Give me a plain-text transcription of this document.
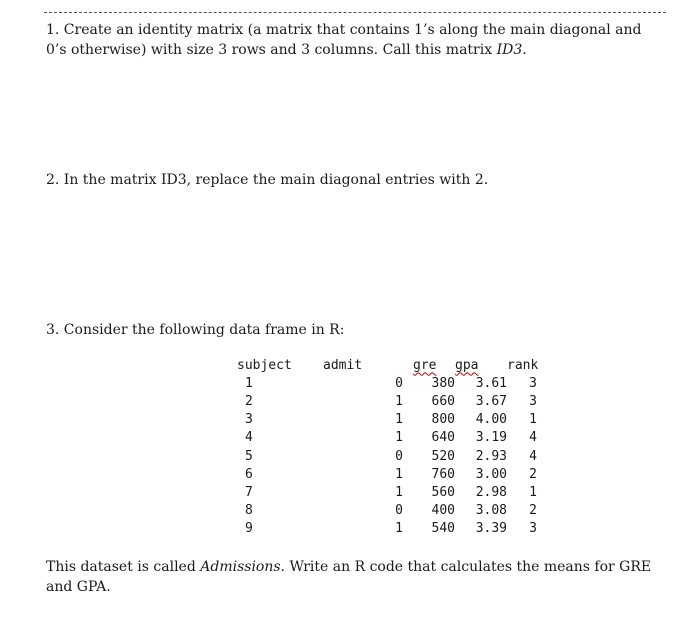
1. Create an identity matrix (a matrix that contains 1’s along the main diagonal and 0’s otherwise) with size 3 rows and 3 columns. Call this matrix ID3.

2. In the matrix ID3, replace the main diagonal entries with 2.

3. Consider the following data frame in R:

subject	admit	gre	gpa	rank
1	0	380	3.61	3
2	1	660	3.67	3
3	1	800	4.00	1
4	1	640	3.19	4
5	0	520	2.93	4
6	1	760	3.00	2
7	1	560	2.98	1
8	0	400	3.08	2
9	1	540	3.39	3

This dataset is called Admissions. Write an R code that calculates the means for GRE and GPA.
